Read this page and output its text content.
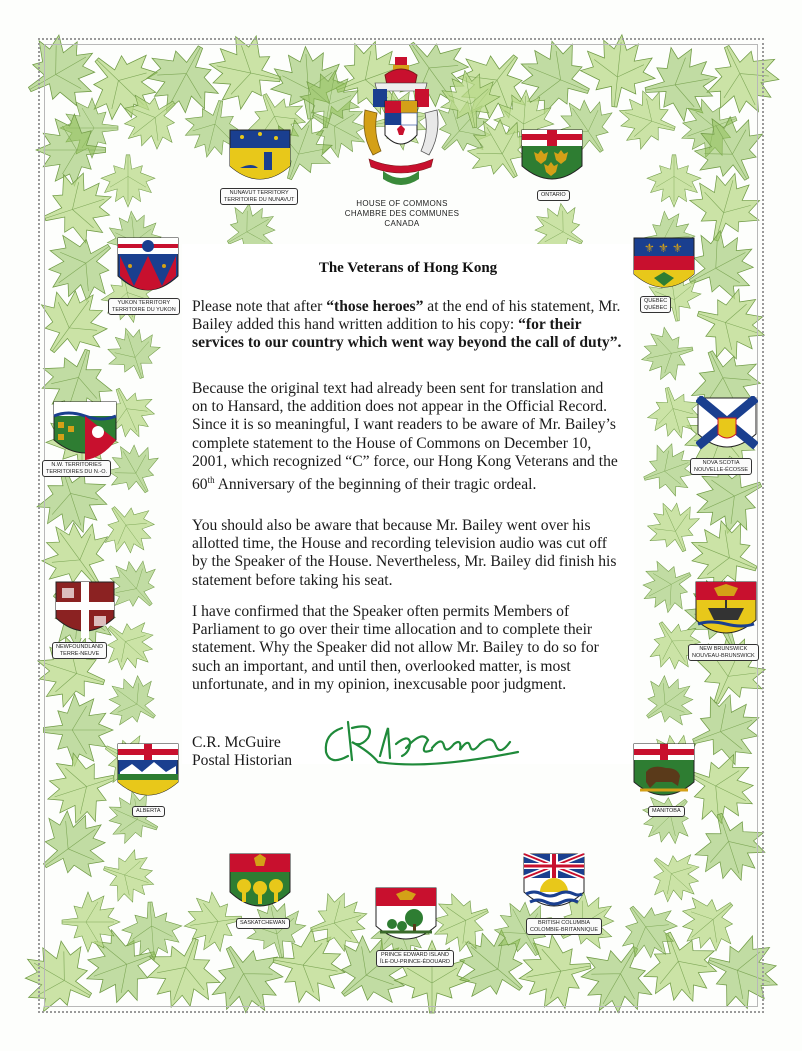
HOUSE OF COMMONS
CHAMBRE DES COMMUNES
CANADA
NUNAVUT TERRITORY
TERRITOIRE DU NUNAVUT
ONTARIO
YUKON TERRITORY
TERRITOIRE DU YUKON
⚜ ⚜ ⚜
QUEBEC
QUÉBEC
N.W. TERRITORIES
TERRITOIRES DU N.-O.
NOVA SCOTIA
NOUVELLE-ÉCOSSE
NEWFOUNDLAND
TERRE-NEUVE
NEW BRUNSWICK
NOUVEAU-BRUNSWICK
ALBERTA	MANITOBA
SASKATCHEWAN
PRINCE EDWARD ISLAND
ÎLE-DU-PRINCE-ÉDOUARD
BRITISH COLUMBIA
COLOMBIE-BRITANNIQUE
The Veterans of Hong Kong

Please note that after “those heroes” at the end of his statement, Mr. Bailey added this hand written addition to his copy: “for their services to our country which went way beyond the call of duty”.

Because the original text had already been sent for translation and on to Hansard, the addition does not appear in the Official Record. Since it is so meaningful, I want readers to be aware of Mr. Bailey’s complete statement to the House of Commons on December 10, 2001, which recognized “C” force, our Hong Kong Veterans and the 60th Anniversary of the beginning of their tragic ordeal.

You should also be aware that because Mr. Bailey went over his allotted time, the House and recording television audio was cut off by the Speaker of the House. Nevertheless, Mr. Bailey did finish his statement before taking his seat.

I have confirmed that the Speaker often permits Members of Parliament to go over their time allocation and to complete their statement. Why the Speaker did not allow Mr. Bailey to do so for such an important, and until then, overlooked matter, is most unfortunate, and in my opinion, inexcusable poor judgment.

C.R. McGuire
Postal Historian
